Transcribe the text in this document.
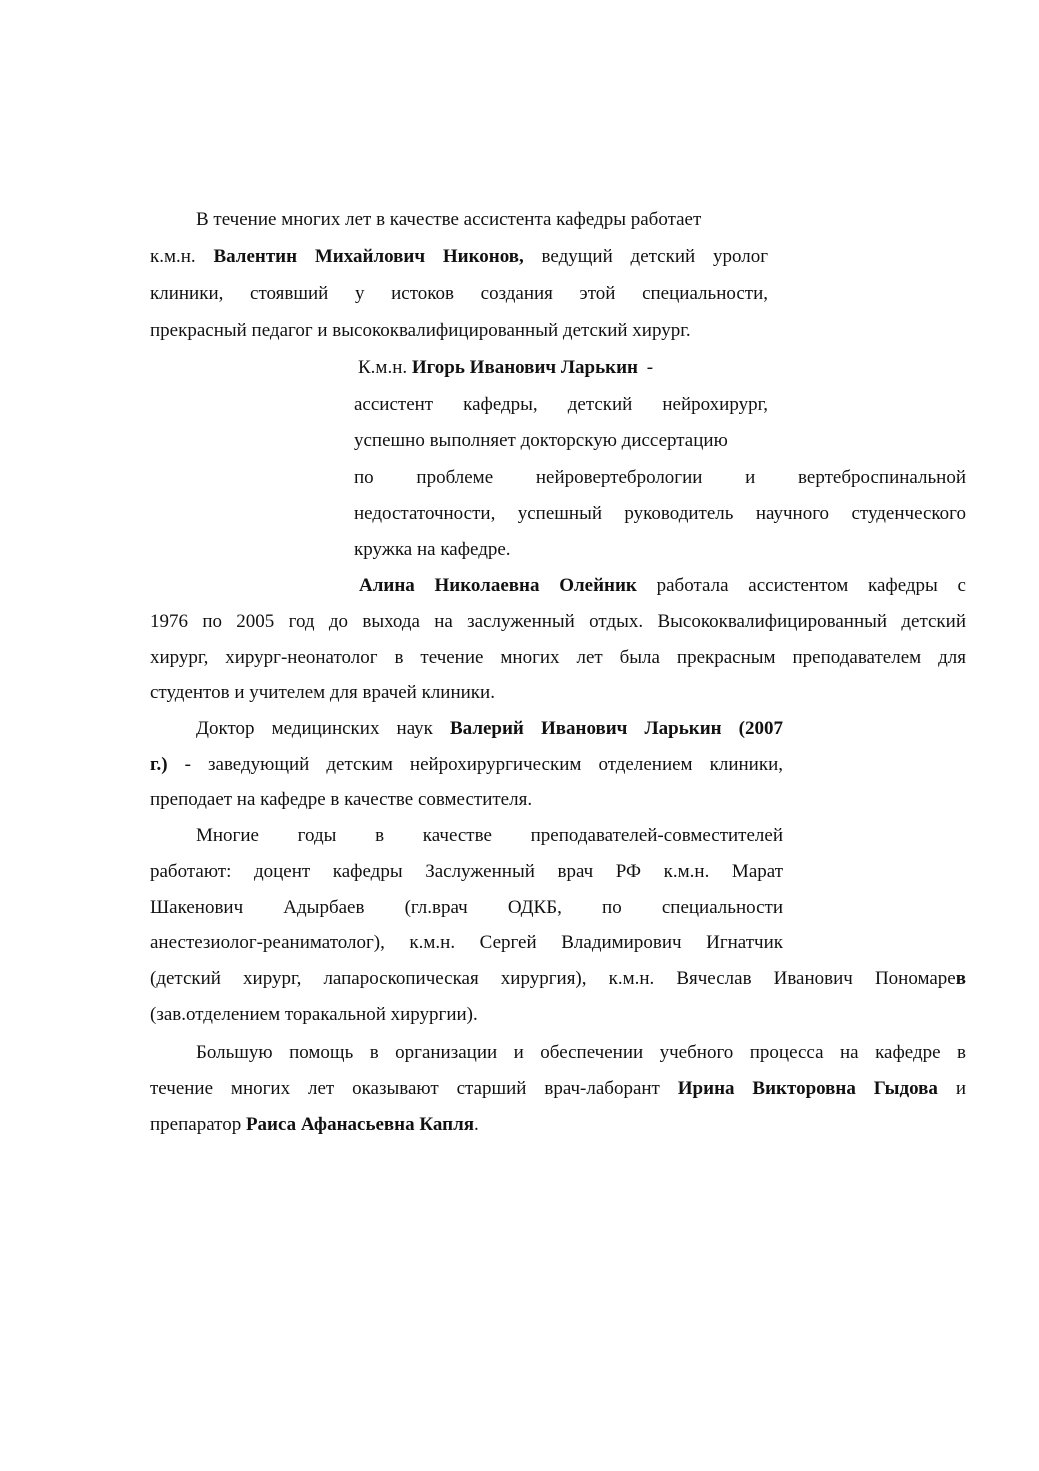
В течение многих лет в качестве ассистента кафедры работает
к.м.н. Валентин Михайлович Никонов, ведущий детский уролог
клиники, стоявший у истоков создания этой специальности,
прекрасный педагог и высококвалифицированный детский хирург.
К.м.н. Игорь Иванович Ларькин -
ассистент кафедры, детский нейрохирург,
успешно выполняет докторскую диссертацию
по проблеме нейровертебрологии и вертеброспинальной
недостаточности, успешный руководитель научного студенческого
кружка на кафедре.
Алина Николаевна Олейник работала ассистентом кафедры с
1976 по 2005 год до выхода на заслуженный отдых. Высококвалифицированный детский
хирург, хирург-неонатолог в течение многих лет была прекрасным преподавателем для
студентов и учителем для врачей клиники.
Доктор медицинских наук Валерий Иванович Ларькин (2007
г.) - заведующий детским нейрохирургическим отделением клиники,
преподает на кафедре в качестве совместителя.
Многие годы в качестве преподавателей-совместителей
работают: доцент кафедры Заслуженный врач РФ к.м.н. Марат
Шакенович Адырбаев (гл.врач ОДКБ, по специальности
анестезиолог-реаниматолог), к.м.н. Сергей Владимирович Игнатчик
(детский хирург, лапароскопическая хирургия), к.м.н. Вячеслав Иванович Пономарев
(зав.отделением торакальной хирургии).
Большую помощь в организации и обеспечении учебного процесса на кафедре в
течение многих лет оказывают старший врач-лаборант Ирина Викторовна Гыдова и
препаратор Раиса Афанасьевна Капля.
